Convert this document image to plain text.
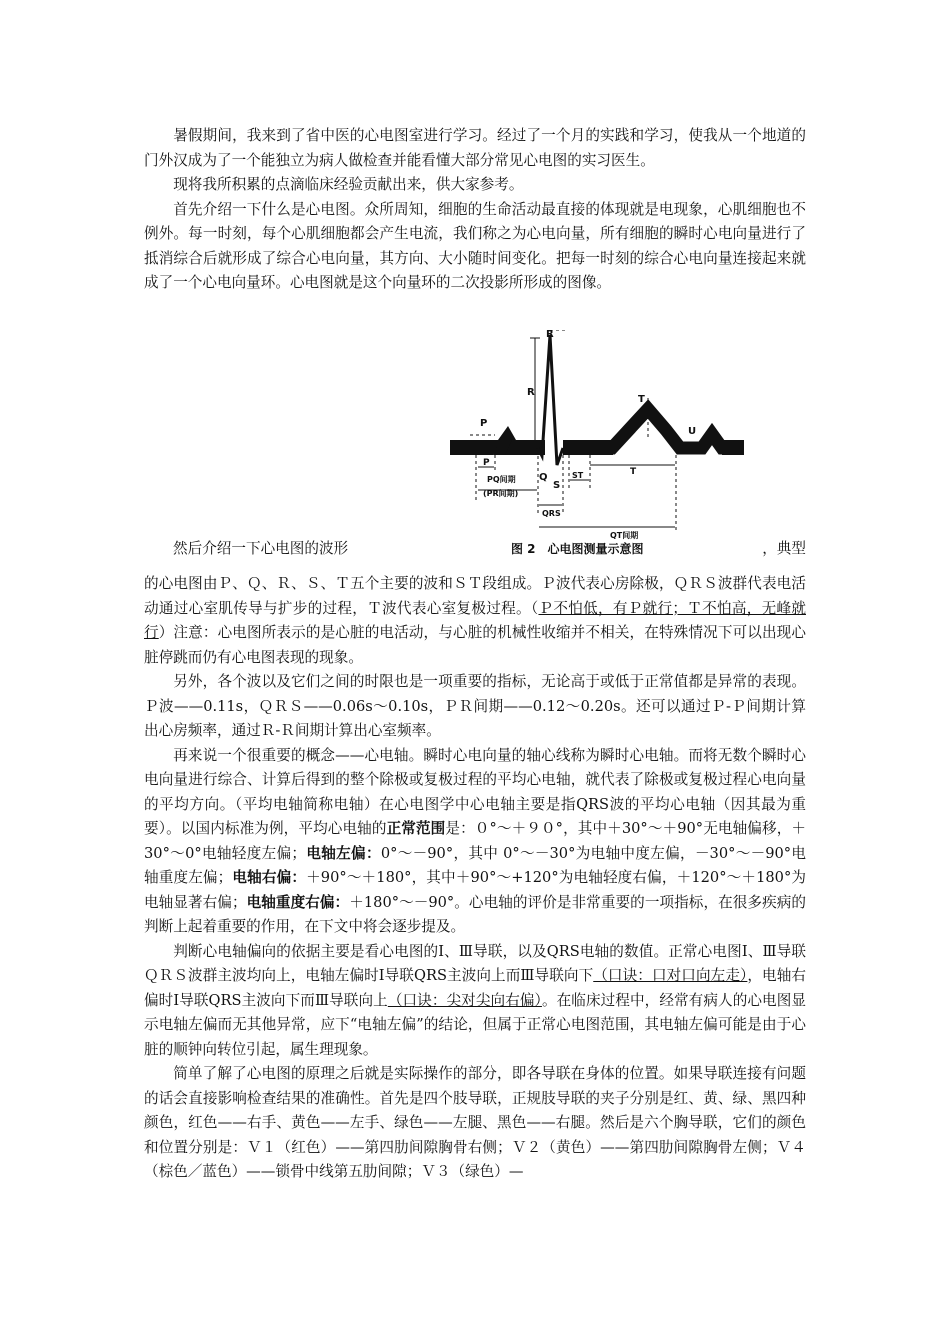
暑假期间，我来到了省中医的心电图室进行学习。经过了一个月的实践和学习，使我从一个地道的门外汉成为了一个能独立为病人做检查并能看懂大部分常见心电图的实习医生。

现将我所积累的点滴临床经验贡献出来，供大家参考。

首先介绍一下什么是心电图。众所周知，细胞的生命活动最直接的体现就是电现象，心肌细胞也不例外。每一时刻，每个心肌细胞都会产生电流，我们称之为心电向量，所有细胞的瞬时心电向量进行了抵消综合后就形成了综合心电向量，其方向、大小随时间变化。把每一时刻的综合心电向量连接起来就成了一个心电向量环。心电图就是这个向量环的二次投影所形成的图像。

R
R
P
T
U
Q
S
P
PQ间期
(PR间期)
QRS
ST	T
QT间期
然后介绍一下心电图的波形	图 2　心电图测量示意图	，典型

的心电图由Ｐ、Ｑ、Ｒ、Ｓ、Ｔ五个主要的波和ＳＴ段组成。Ｐ波代表心房除极，ＱＲＳ波群代表电活动通过心室肌传导与扩步的过程，Ｔ波代表心室复极过程。（Ｐ不怕低，有Ｐ就行；Ｔ不怕高，无峰就行）注意：心电图所表示的是心脏的电活动，与心脏的机械性收缩并不相关，在特殊情况下可以出现心脏停跳而仍有心电图表现的现象。

另外，各个波以及它们之间的时限也是一项重要的指标，无论高于或低于正常值都是异常的表现。Ｐ波——0.11s，ＱＲＳ——0.06s～0.10s，ＰＲ间期——0.12～0.20s。还可以通过Ｐ-Ｐ间期计算出心房频率，通过Ｒ-Ｒ间期计算出心室频率。

再来说一个很重要的概念——心电轴。瞬时心电向量的轴心线称为瞬时心电轴。而将无数个瞬时心电向量进行综合、计算后得到的整个除极或复极过程的平均心电轴，就代表了除极或复极过程心电向量的平均方向。（平均电轴简称电轴）在心电图学中心电轴主要是指QRS波的平均心电轴（因其最为重要）。以国内标准为例，平均心电轴的正常范围是：０°～＋９０°，其中＋30°～＋90°无电轴偏移，＋30°～0°电轴轻度左偏；电轴左偏：0°～－90°，其中 0°～－30°为电轴中度左偏，－30°～－90°电轴重度左偏；电轴右偏：＋90°～＋180°，其中＋90°～+120°为电轴轻度右偏，＋120°～＋180°为电轴显著右偏；电轴重度右偏：＋180°～－90°。心电轴的评价是非常重要的一项指标，在很多疾病的判断上起着重要的作用，在下文中将会逐步提及。

判断心电轴偏向的依据主要是看心电图的Ⅰ、Ⅲ导联，以及QRS电轴的数值。正常心电图Ⅰ、Ⅲ导联ＱＲＳ波群主波均向上，电轴左偏时Ⅰ导联QRS主波向上而Ⅲ导联向下（口诀：口对口向左走），电轴右偏时Ⅰ导联QRS主波向下而Ⅲ导联向上（口诀：尖对尖向右偏）。在临床过程中，经常有病人的心电图显示电轴左偏而无其他异常，应下“电轴左偏”的结论，但属于正常心电图范围，其电轴左偏可能是由于心脏的顺钟向转位引起，属生理现象。

简单了解了心电图的原理之后就是实际操作的部分，即各导联在身体的位置。如果导联连接有问题的话会直接影响检查结果的准确性。首先是四个肢导联，正规肢导联的夹子分别是红、黄、绿、黑四种颜色，红色——右手、黄色——左手、绿色——左腿、黑色——右腿。然后是六个胸导联，它们的颜色和位置分别是：Ｖ１（红色）——第四肋间隙胸骨右侧；Ｖ２（黄色）——第四肋间隙胸骨左侧；Ｖ４（棕色／蓝色）——锁骨中线第五肋间隙；Ｖ３（绿色）—
